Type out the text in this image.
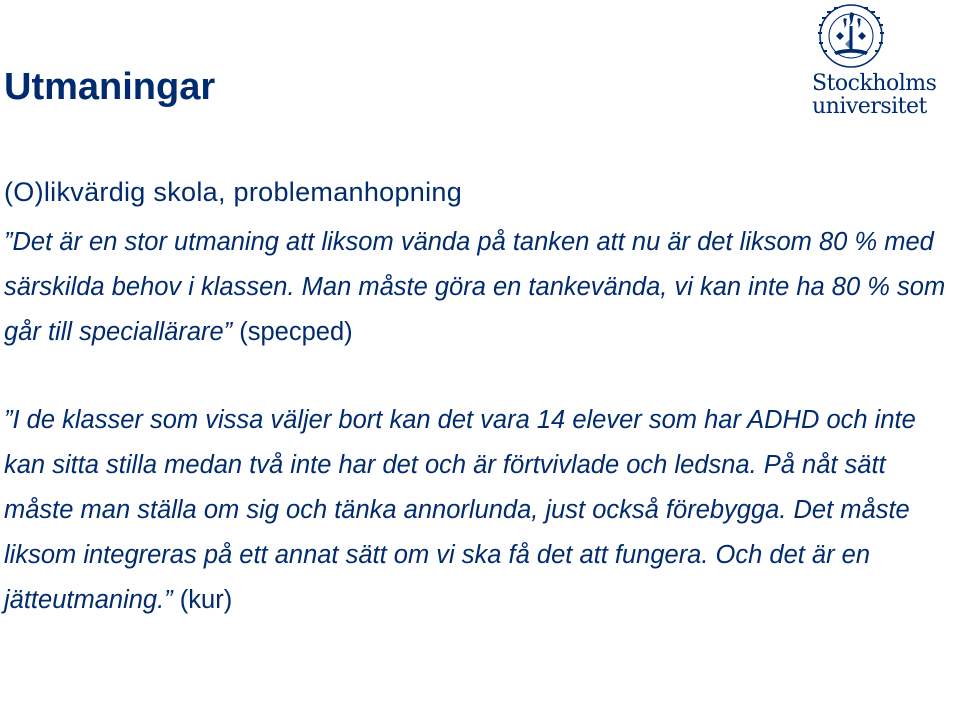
Utmaningar	Stockholms
universitet

(O)likvärdig skola, problemanhopning

”Det är en stor utmaning att liksom vända på tanken att nu är det liksom 80 % med särskilda behov i klassen. Man måste göra en tankevända, vi kan inte ha 80 % som går till speciallärare” (specped)

”I de klasser som vissa väljer bort kan det vara 14 elever som har ADHD och inte kan sitta stilla medan två inte har det och är förtvivlade och ledsna. På nåt sätt måste man ställa om sig och tänka annorlunda, just också förebygga. Det måste liksom integreras på ett annat sätt om vi ska få det att fungera. Och det är en jätteutmaning.” (kur)
